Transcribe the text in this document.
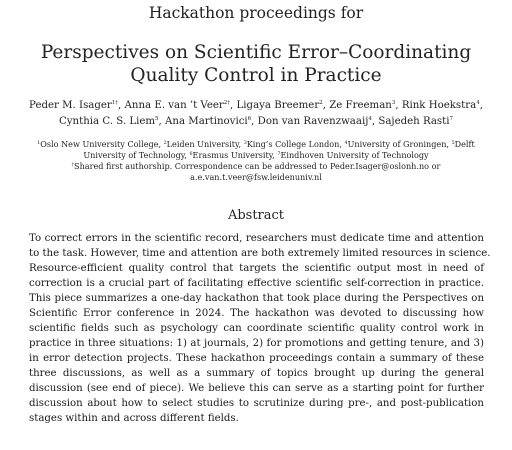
Hackathon proceedings for
Perspectives on Scientific Error–Coordinating
Quality Control in Practice
Peder M. Isager$^{1\dagger}$, Anna E. van ’t Veer$^{2\dagger}$, Ligaya Breemer$^2$, Ze Freeman$^3$, Rink Hoekstra$^4$,
Cynthia C. S. Liem$^5$, Ana Martinovici$^6$, Don van Ravenzwaaij$^4$, Sajedeh Rasti$^7$
$^1$Oslo New University College, $^2$Leiden University, $^3$King’s College London, $^4$University of Groningen, $^5$Delft
University of Technology, $^6$Erasmus University, $^7$Eindhoven University of Technology
†Shared first authorship. Correspondence can be addressed to Peder.Isager@oslonh.no or
a.e.van.t.veer@fsw.leidenuniv.nl
Abstract
To correct errors in the scientific record, researchers must dedicate time and attention
to the task. However, time and attention are both extremely limited resources in science.
Resource-efficient quality control that targets the scientific output most in need of
correction is a crucial part of facilitating effective scientific self-correction in practice.
This piece summarizes a one-day hackathon that took place during the Perspectives on
Scientific Error conference in 2024. The hackathon was devoted to discussing how
scientific fields such as psychology can coordinate scientific quality control work in
practice in three situations: 1) at journals, 2) for promotions and getting tenure, and 3)
in error detection projects. These hackathon proceedings contain a summary of these
three discussions, as well as a summary of topics brought up during the general
discussion (see end of piece). We believe this can serve as a starting point for further
discussion about how to select studies to scrutinize during pre-, and post-publication
stages within and across different fields.
